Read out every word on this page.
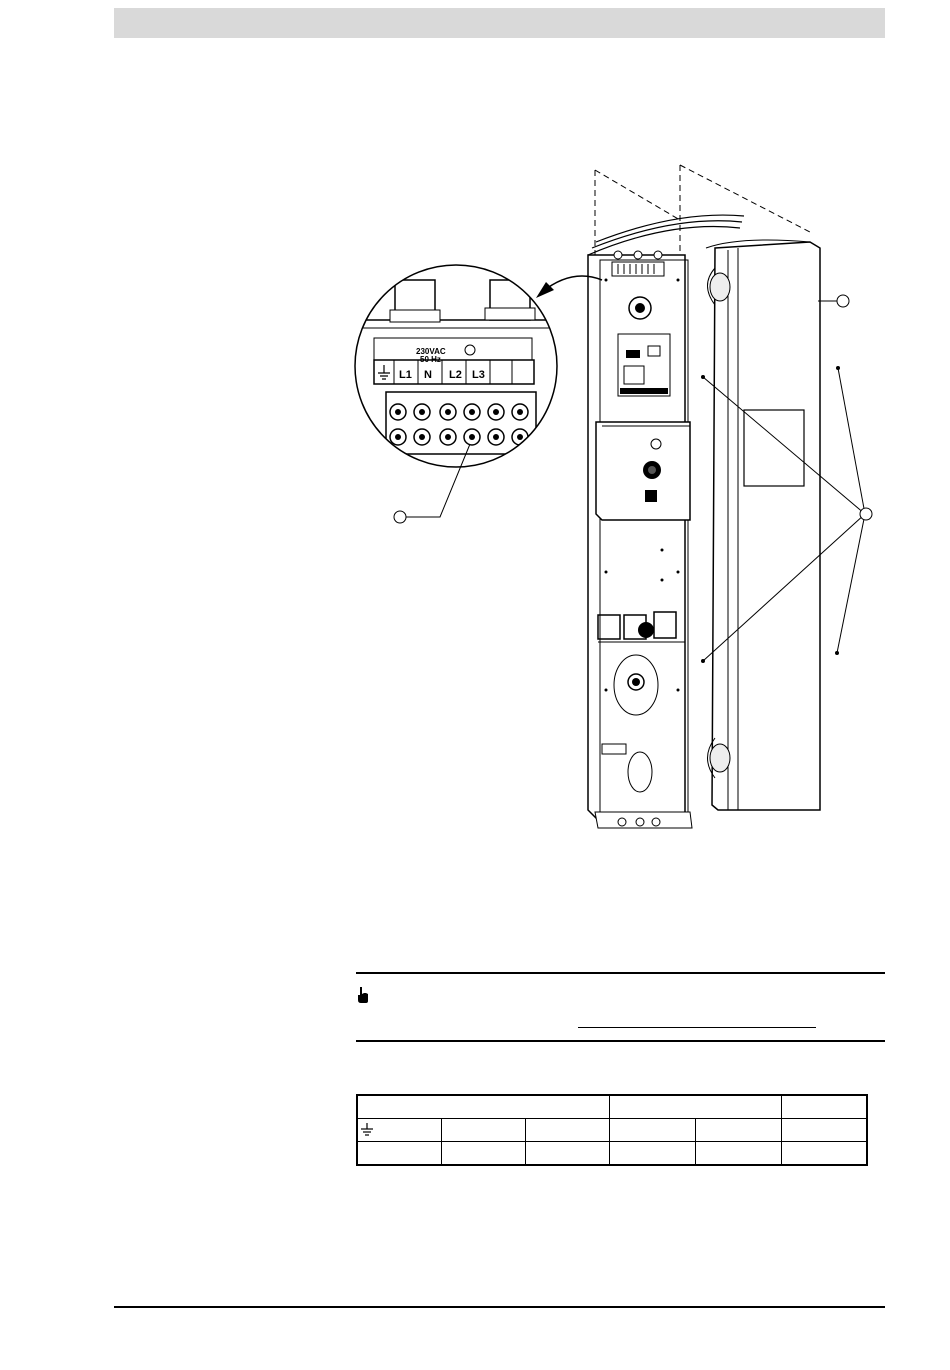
230VAC
50 Hz
L1 N L2 L3
